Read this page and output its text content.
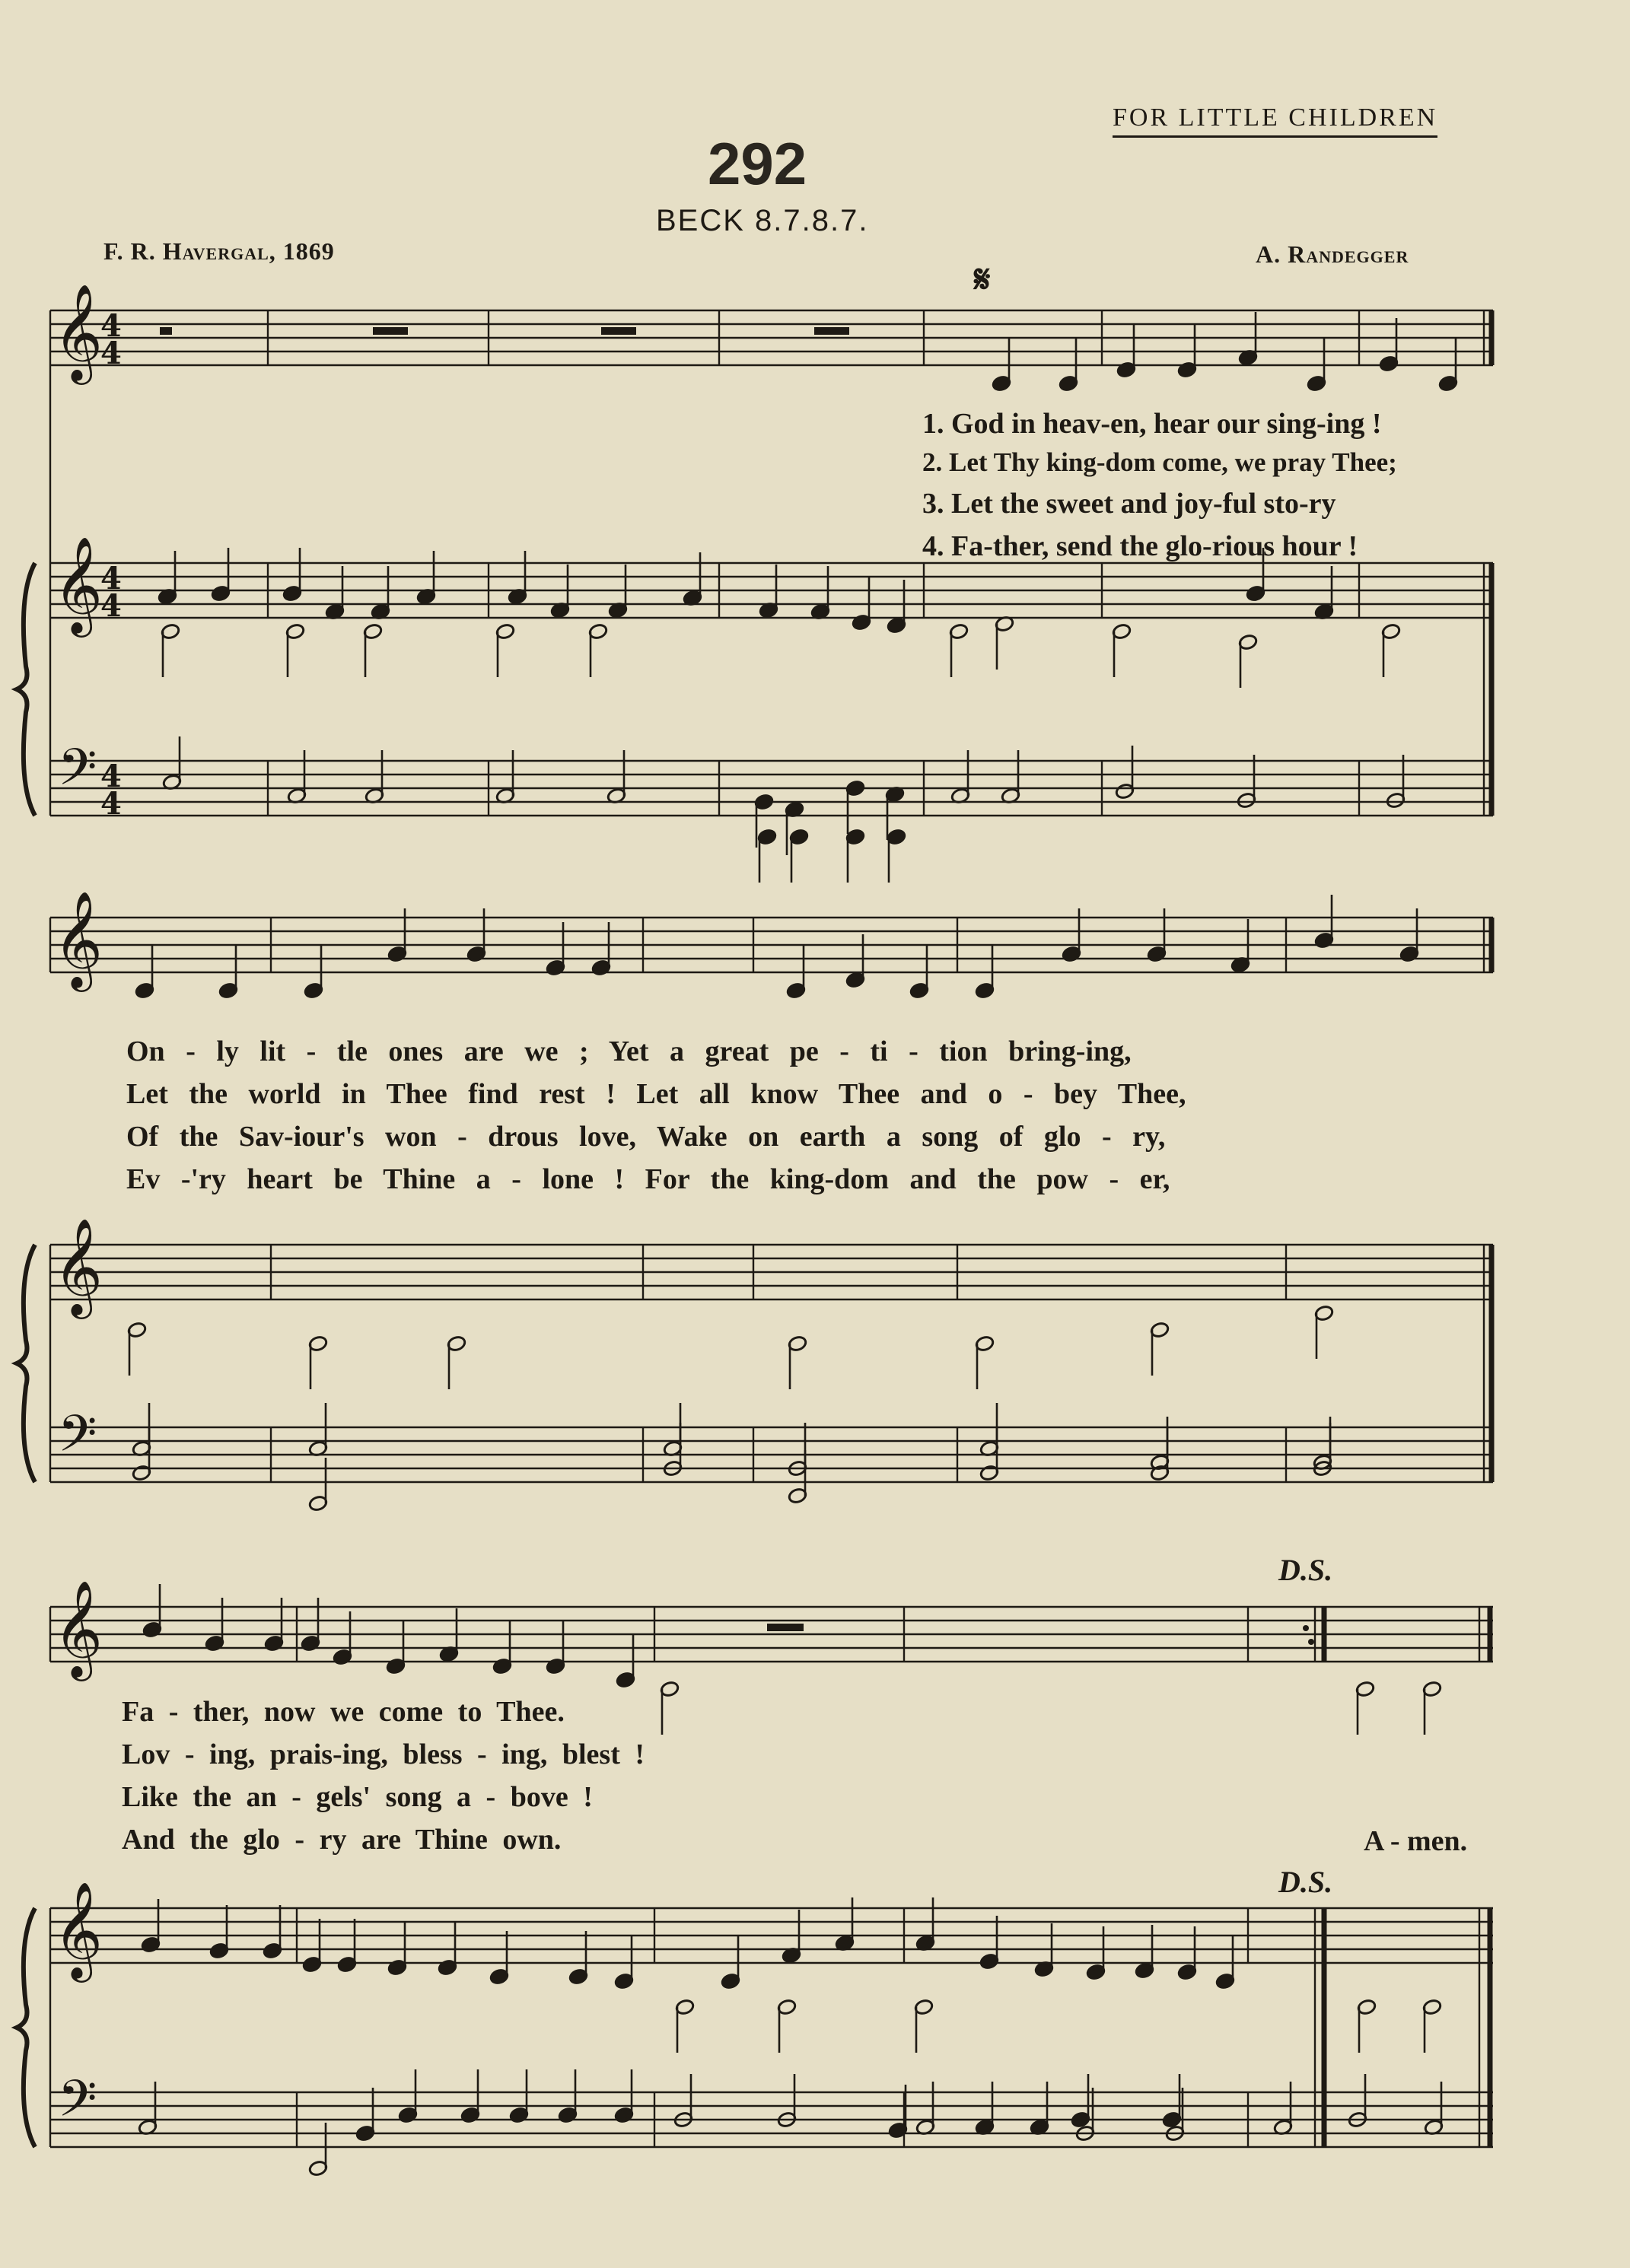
𝄞
𝄞
𝄢
4
4
4
4
4
4
𝄞
𝄞
𝄢
𝄞
𝄞
𝄢
FOR LITTLE CHILDREN
292
BECK 8.7.8.7.
F. R. Havergal, 1869	A. Randegger
𝄋
1. God in heav-en, hear our sing-ing !
2. Let Thy king-dom come, we pray Thee;
3. Let the sweet and joy-ful sto-ry
4. Fa-ther, send the glo-rious hour !
D.S.
D.S.
A - men.
On - ly lit - tle ones are we ; Yet a great pe - ti - tion bring-ing,
Let the world in Thee find rest ! Let all know Thee and o - bey Thee,
Of the Sav-iour's won - drous love, Wake on earth a song of glo - ry,
Ev -'ry heart be Thine a - lone ! For the king-dom and the pow - er,
Fa - ther, now we come to Thee.
Lov - ing, prais-ing, bless - ing, blest !
Like the an - gels' song a - bove !
And the glo - ry are Thine own.
